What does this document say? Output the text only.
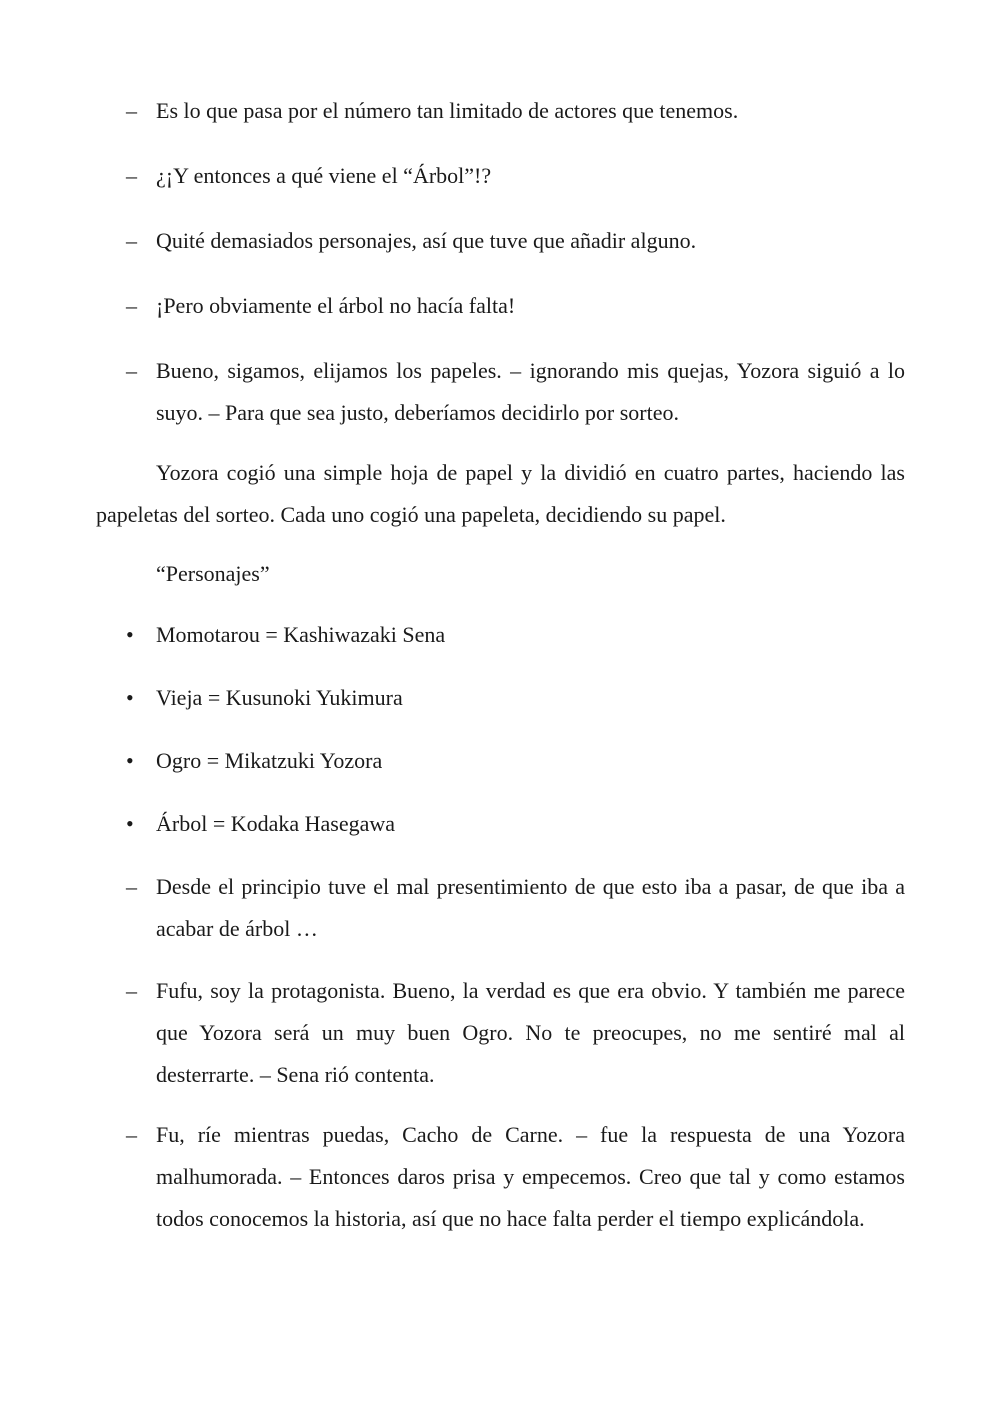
– Es lo que pasa por el número tan limitado de actores que tenemos.
– ¿¡Y entonces a qué viene el “Árbol”!?
– Quité demasiados personajes, así que tuve que añadir alguno.
– ¡Pero obviamente el árbol no hacía falta!
– Bueno, sigamos, elijamos los papeles. – ignorando mis quejas, Yozora siguió a lo suyo. – Para que sea justo, deberíamos decidirlo por sorteo.

Yozora cogió una simple hoja de papel y la dividió en cuatro partes, haciendo las papeletas del sorteo. Cada uno cogió una papeleta, decidiendo su papel.

“Personajes”
• Momotarou = Kashiwazaki Sena
• Vieja = Kusunoki Yukimura
• Ogro = Mikatzuki Yozora
• Árbol = Kodaka Hasegawa
– Desde el principio tuve el mal presentimiento de que esto iba a pasar, de que iba a acabar de árbol …
– Fufu, soy la protagonista. Bueno, la verdad es que era obvio. Y también me parece que Yozora será un muy buen Ogro. No te preocupes, no me sentiré mal al desterrarte. – Sena rió contenta.
– Fu, ríe mientras puedas, Cacho de Carne. – fue la respuesta de una Yozora malhumorada. – Entonces daros prisa y empecemos. Creo que tal y como estamos todos conocemos la historia, así que no hace falta perder el tiempo explicándola.
